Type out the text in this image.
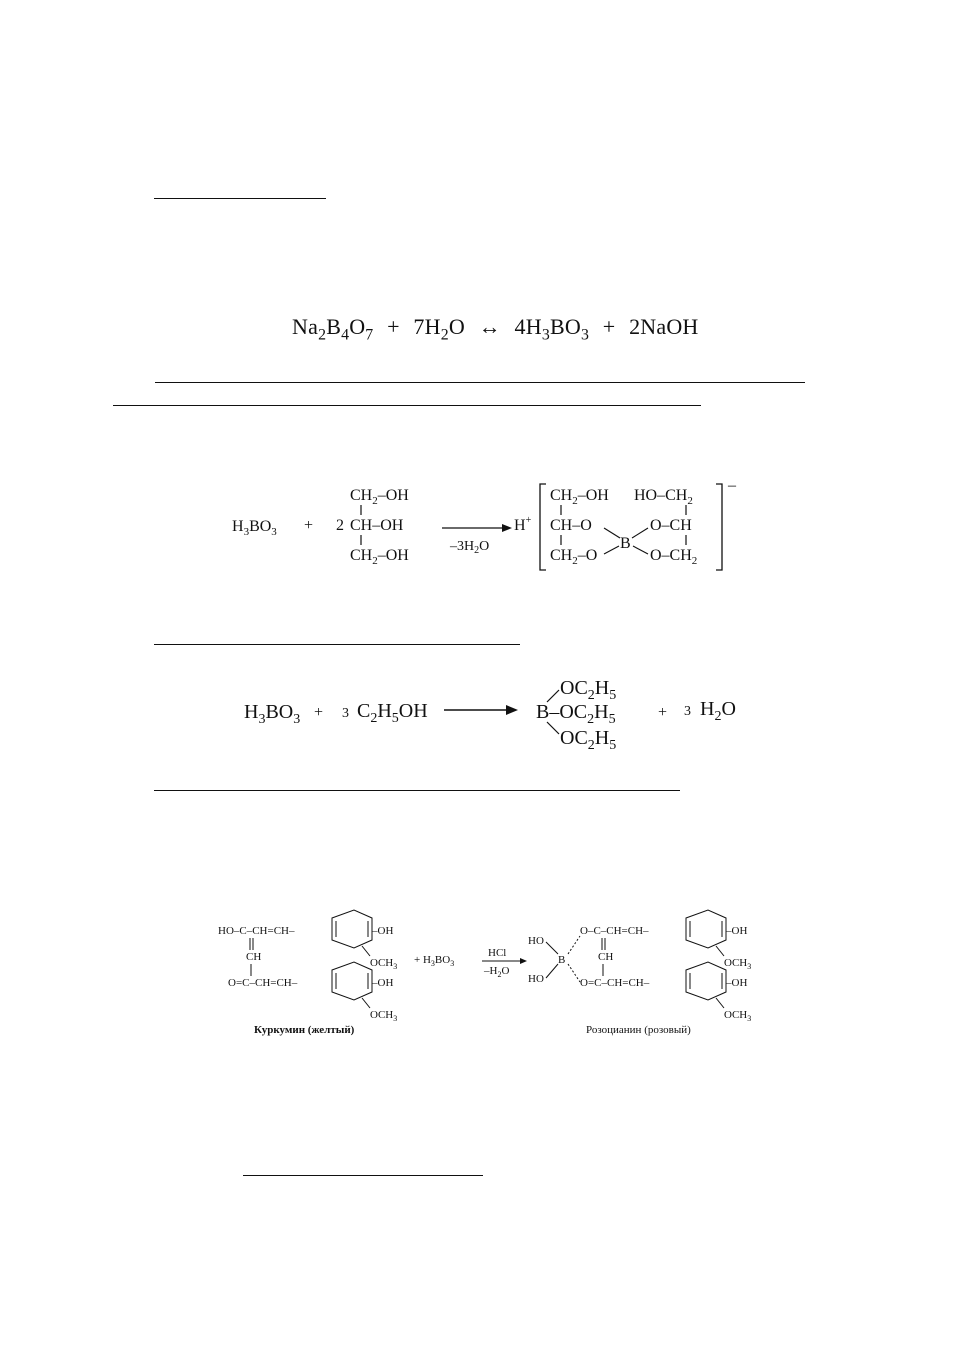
$Na_2B_4O_7 + 7H_2O$ ↔ $4H_3BO_3$ + 2NaOH
$H_3BO_3 + 2$
$CH_2-OH$
CH–OH
$CH_2-OH$
$-3H_2O$
H+
$CH_2-OH$
CH–O
$CH_2-O$
B
$HO-CH_2$
O–CH
$O-CH_2$
–
$H_3BO_3 + 3$ $C_2H_5OH$
$OC_2H_5$
$B-OC_2H_5$
$OC_2H_5$
+ 3 $H_2O$
HO–C–CH=CH–
CH
O=C–CH=CH–
–OH
$OCH_3$
–OH
$OCH_3$
Куркумин (желтый)
+ $H_3BO_3$
HCl
$-H_2O$
HO
HO
B
O–C–CH=CH–
CH
O=C–CH=CH–
–OH
$OCH_3$
–OH
$OCH_3$
Розоцианин (розовый)
